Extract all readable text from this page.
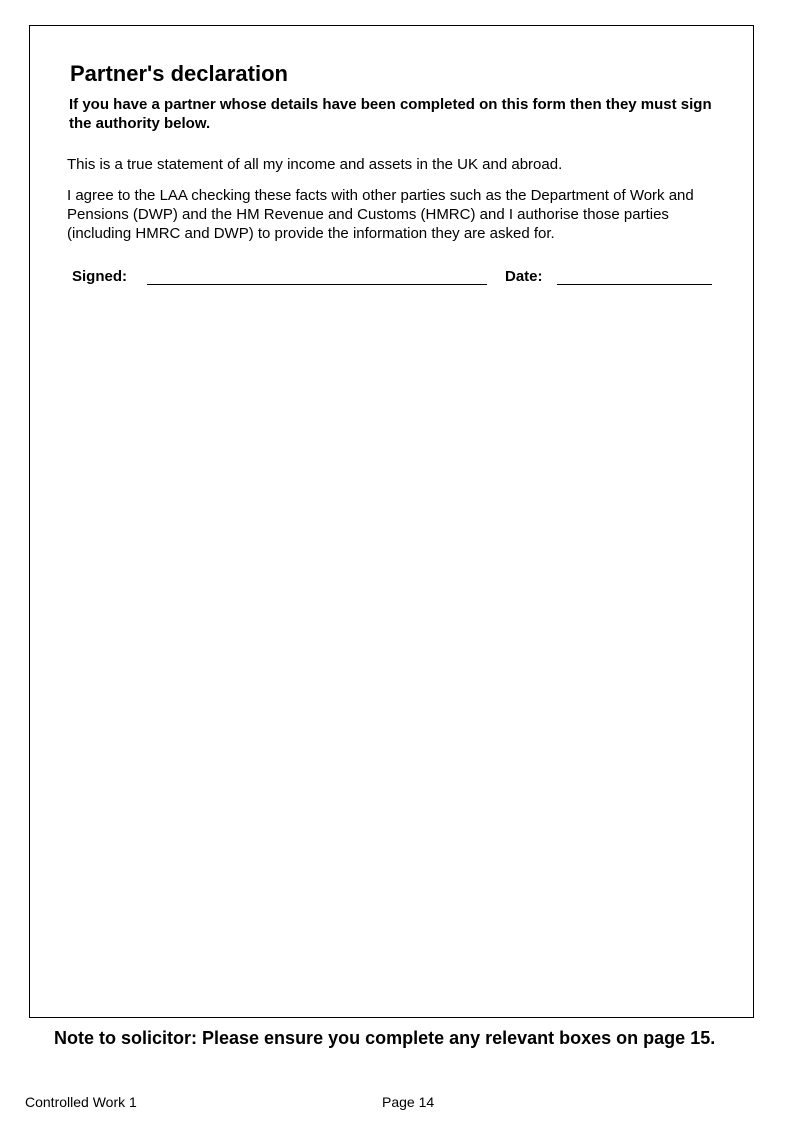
Partner's declaration

If you have a partner whose details have been completed on this form then they must sign the authority below.

This is a true statement of all my income and assets in the UK and abroad.

I agree to the LAA checking these facts with other parties such as the Department of Work and Pensions (DWP) and the HM Revenue and Customs (HMRC) and I authorise those parties (including HMRC and DWP) to provide the information they are asked for.

Signed:	Date:
Note to solicitor: Please ensure you complete any relevant boxes on page 15.
Controlled Work 1	Page 14
